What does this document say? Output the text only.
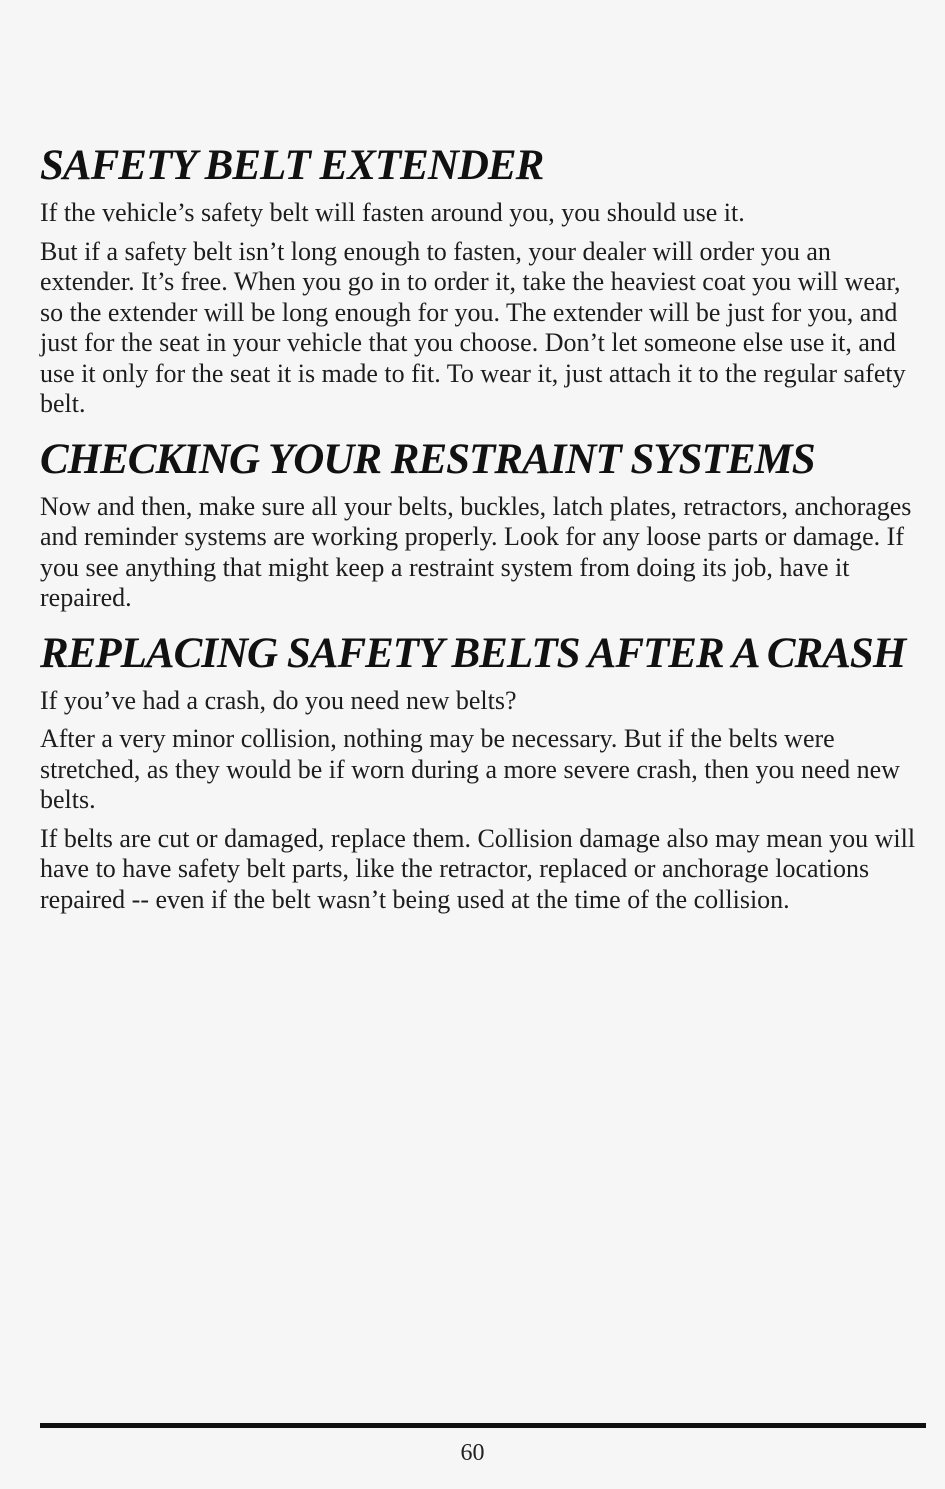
SAFETY BELT EXTENDER

If the vehicle’s safety belt will fasten around you, you should use it.

But if a safety belt isn’t long enough to fasten, your dealer will order you an extender. It’s free. When you go in to order it, take the heaviest coat you will wear, so the extender will be long enough for you. The extender will be just for you, and just for the seat in your vehicle that you choose. Don’t let someone else use it, and use it only for the seat it is made to fit. To wear it, just attach it to the regular safety belt.

CHECKING YOUR RESTRAINT SYSTEMS

Now and then, make sure all your belts, buckles, latch plates, retractors, anchorages and reminder systems are working properly. Look for any loose parts or damage. If you see anything that might keep a restraint system from doing its job, have it repaired.

REPLACING SAFETY BELTS AFTER A CRASH

If you’ve had a crash, do you need new belts?

After a very minor collision, nothing may be necessary. But if the belts were stretched, as they would be if worn during a more severe crash, then you need new belts.

If belts are cut or damaged, replace them. Collision damage also may mean you will have to have safety belt parts, like the retractor, replaced or anchorage locations repaired -- even if the belt wasn’t being used at the time of the collision.

60
